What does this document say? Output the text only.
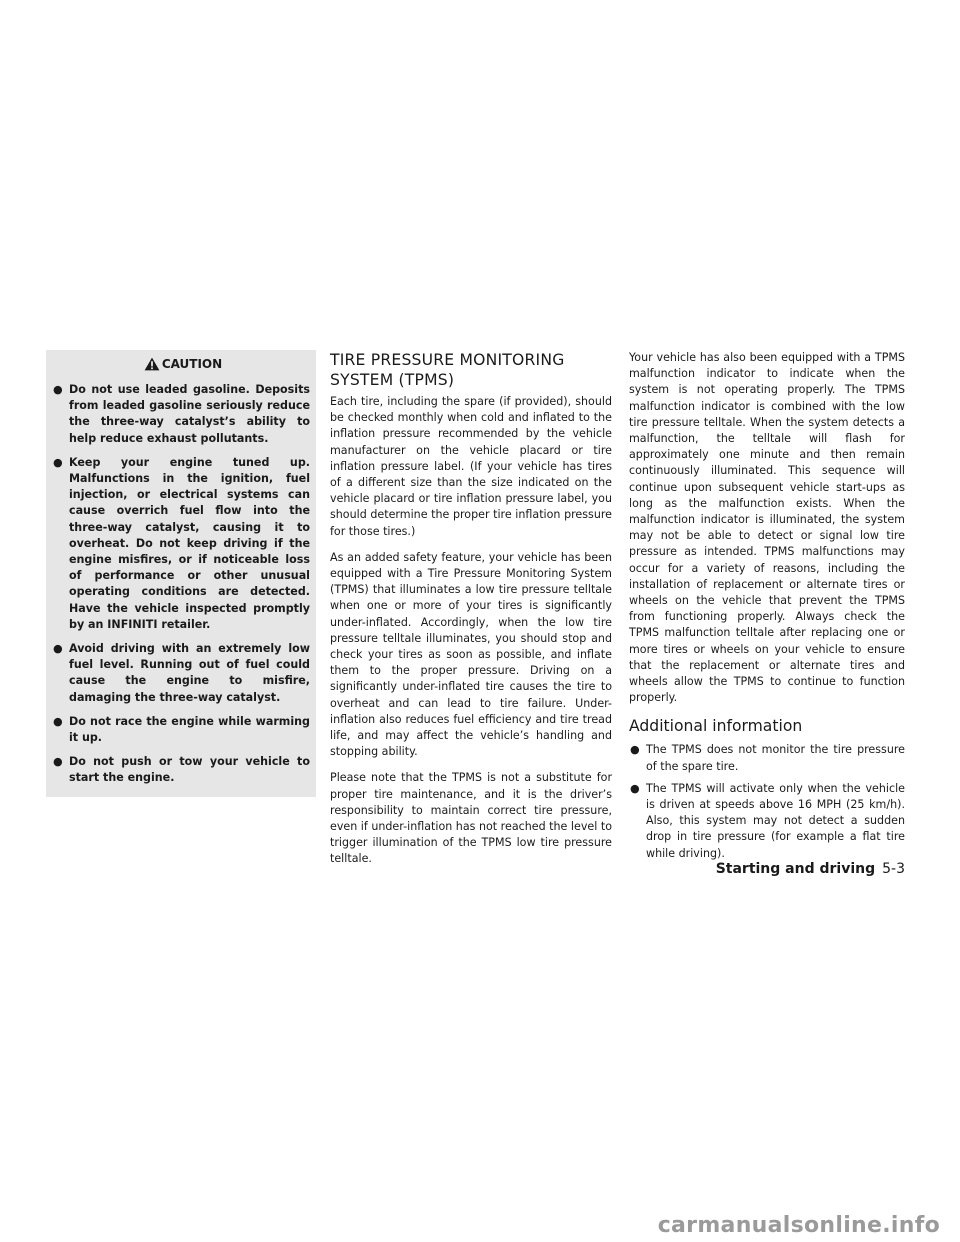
CAUTION
● Do not use leaded gasoline. Deposits from leaded gasoline seriously reduce the three-way catalyst’s ability to help reduce exhaust pollutants.
● Keep your engine tuned up. Malfunctions in the ignition, fuel injection, or electrical systems can cause overrich fuel flow into the three-way catalyst, causing it to overheat. Do not keep driving if the engine misfires, or if noticeable loss of performance or other unusual operating conditions are detected. Have the vehicle inspected promptly by an INFINITI retailer.
● Avoid driving with an extremely low fuel level. Running out of fuel could cause the engine to misfire, damaging the three-way catalyst.
● Do not race the engine while warming it up.
● Do not push or tow your vehicle to start the engine.
TIRE PRESSURE MONITORING SYSTEM (TPMS)

Each tire, including the spare (if provided), should be checked monthly when cold and inflated to the inflation pressure recommended by the vehicle manufacturer on the vehicle placard or tire inflation pressure label. (If your vehicle has tires of a different size than the size indicated on the vehicle placard or tire inflation pressure label, you should determine the proper tire inflation pressure for those tires.)

As an added safety feature, your vehicle has been equipped with a Tire Pressure Monitoring System (TPMS) that illuminates a low tire pressure telltale when one or more of your tires is significantly under-inflated. Accordingly, when the low tire pressure telltale illuminates, you should stop and check your tires as soon as possible, and inflate them to the proper pressure. Driving on a significantly under-inflated tire causes the tire to overheat and can lead to tire failure. Under-inflation also reduces fuel efficiency and tire tread life, and may affect the vehicle’s handling and stopping ability.

Please note that the TPMS is not a substitute for proper tire maintenance, and it is the driver’s responsibility to maintain correct tire pressure, even if under-inflation has not reached the level to trigger illumination of the TPMS low tire pressure telltale.

Your vehicle has also been equipped with a TPMS malfunction indicator to indicate when the system is not operating properly. The TPMS malfunction indicator is combined with the low tire pressure telltale. When the system detects a malfunction, the telltale will flash for approximately one minute and then remain continuously illuminated. This sequence will continue upon subsequent vehicle start-ups as long as the malfunction exists. When the malfunction indicator is illuminated, the system may not be able to detect or signal low tire pressure as intended. TPMS malfunctions may occur for a variety of reasons, including the installation of replacement or alternate tires or wheels on the vehicle that prevent the TPMS from functioning properly. Always check the TPMS malfunction telltale after replacing one or more tires or wheels on your vehicle to ensure that the replacement or alternate tires and wheels allow the TPMS to continue to function properly.

Additional information
● The TPMS does not monitor the tire pressure of the spare tire.
● The TPMS will activate only when the vehicle is driven at speeds above 16 MPH (25 km/h). Also, this system may not detect a sudden drop in tire pressure (for example a flat tire while driving).
Starting and driving 5-3
carmanualsonline.info
